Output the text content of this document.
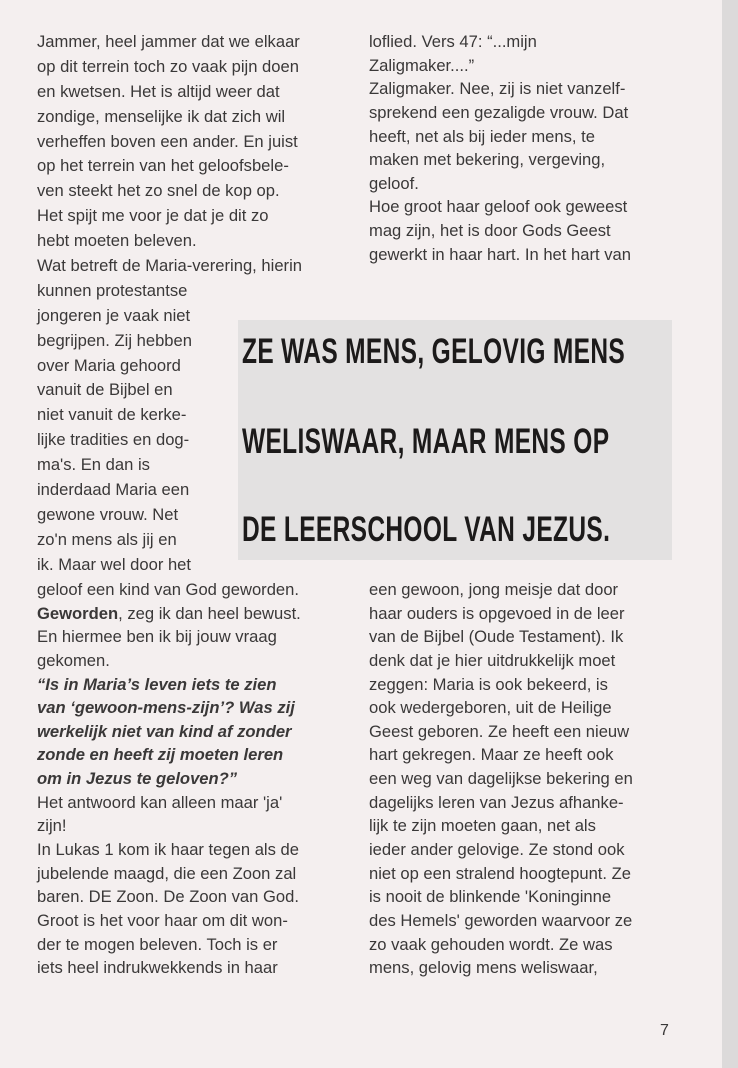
Jammer, heel jammer dat we elkaar
op dit terrein toch zo vaak pijn doen
en kwetsen. Het is altijd weer dat
zondige, menselijke ik dat zich wil
verheffen boven een ander. En juist
op het terrein van het geloofsbele-
ven steekt het zo snel de kop op.
Het spijt me voor je dat je dit zo
hebt moeten beleven.
Wat betreft de Maria-verering, hierin
kunnen protestantse
jongeren je vaak niet
begrijpen. Zij hebben
over Maria gehoord
vanuit de Bijbel en
niet vanuit de kerke-
lijke tradities en dog-
ma's. En dan is
inderdaad Maria een
gewone vrouw. Net
zo'n mens als jij en
ik. Maar wel door het
geloof een kind van God geworden.
Geworden, zeg ik dan heel bewust.
En hiermee ben ik bij jouw vraag
gekomen.
“Is in Maria’s leven iets te zien
van ‘gewoon-mens-zijn’? Was zij
werkelijk niet van kind af zonder
zonde en heeft zij moeten leren
om in Jezus te geloven?”
Het antwoord kan alleen maar 'ja'
zijn!
In Lukas 1 kom ik haar tegen als de
jubelende maagd, die een Zoon zal
baren. DE Zoon. De Zoon van God.
Groot is het voor haar om dit won-
der te mogen beleven. Toch is er
iets heel indrukwekkends in haar
loflied. Vers 47: “...mijn
Zaligmaker....”
Zaligmaker. Nee, zij is niet vanzelf-
sprekend een gezaligde vrouw. Dat
heeft, net als bij ieder mens, te
maken met bekering, vergeving,
geloof.
Hoe groot haar geloof ook geweest
mag zijn, het is door Gods Geest
gewerkt in haar hart. In het hart van
een gewoon, jong meisje dat door
haar ouders is opgevoed in de leer
van de Bijbel (Oude Testament). Ik
denk dat je hier uitdrukkelijk moet
zeggen: Maria is ook bekeerd, is
ook wedergeboren, uit de Heilige
Geest geboren. Ze heeft een nieuw
hart gekregen. Maar ze heeft ook
een weg van dagelijkse bekering en
dagelijks leren van Jezus afhanke-
lijk te zijn moeten gaan, net als
ieder ander gelovige. Ze stond ook
niet op een stralend hoogtepunt. Ze
is nooit de blinkende 'Koninginne
des Hemels' geworden waarvoor ze
zo vaak gehouden wordt. Ze was
mens, gelovig mens weliswaar,
ZE WAS MENS, GELOVIG MENS
WELISWAAR, MAAR MENS OP
DE LEERSCHOOL VAN JEZUS.
7
